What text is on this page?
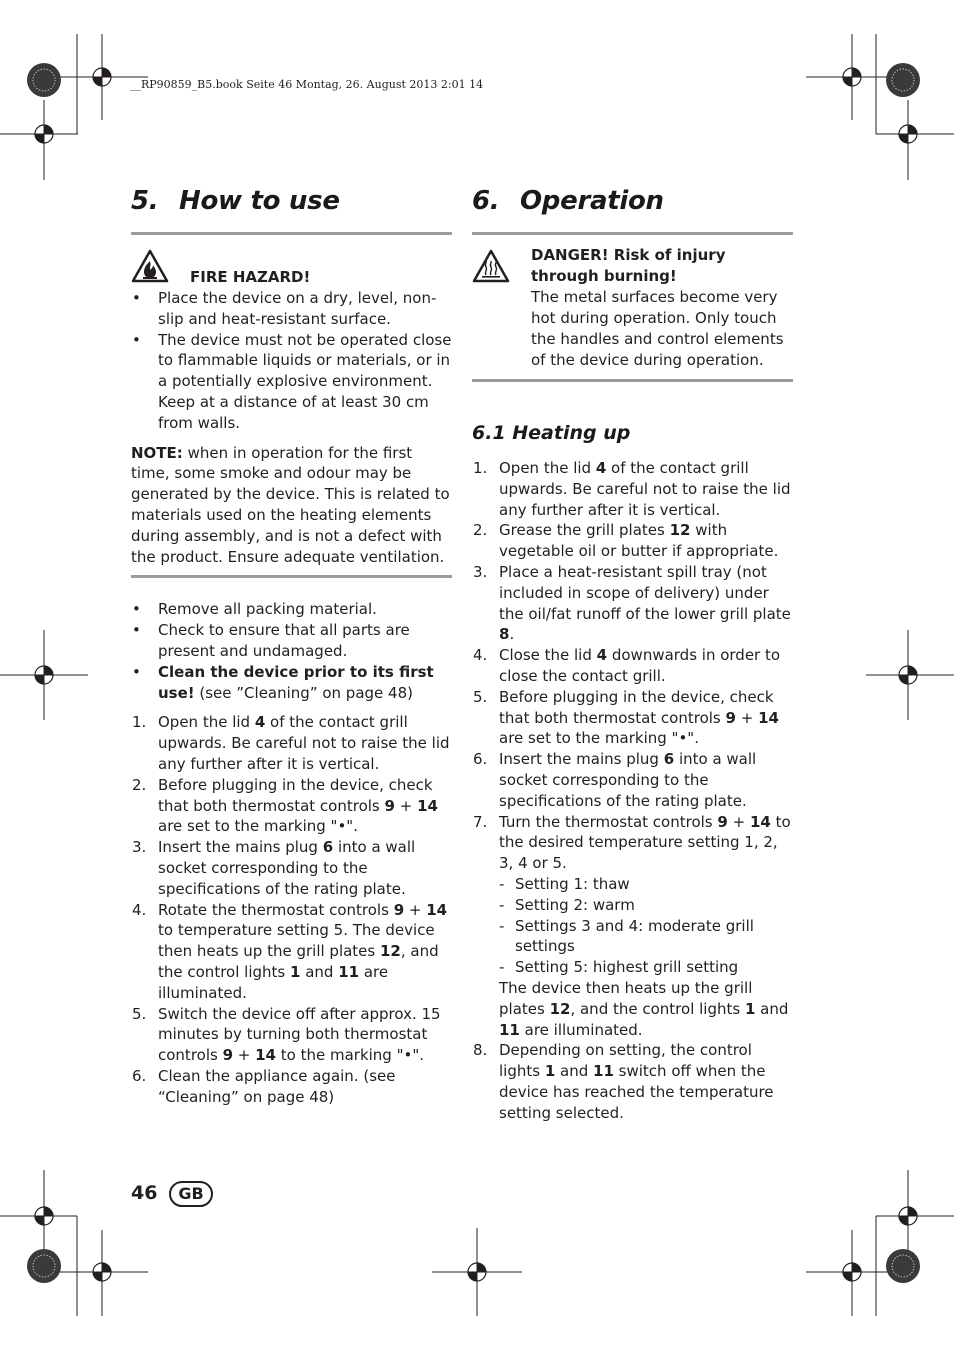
__RP90859_B5.book Seite 46 Montag, 26. August 2013 2:01 14
5. How to use
FIRE HAZARD!
• Place the device on a dry, level, non-slip and heat-resistant surface.
• The device must not be operated close to flammable liquids or materials, or in a potentially explosive environment. Keep at a distance of at least 30 cm from walls.
NOTE: when in operation for the first time, some smoke and odour may be generated by the device. This is related to materials used on the heating elements during assembly, and is not a defect with the product. Ensure adequate ventilation.
• Remove all packing material.
• Check to ensure that all parts are present and undamaged.
• Clean the device prior to its first use! (see ”Cleaning” on page 48)
1. Open the lid 4 of the contact grill upwards. Be careful not to raise the lid any further after it is vertical.
2. Before plugging in the device, check that both thermostat controls 9 + 14 are set to the marking "•".
3. Insert the mains plug 6 into a wall socket corresponding to the specifications of the rating plate.
4. Rotate the thermostat controls 9 + 14 to temperature setting 5. The device then heats up the grill plates 12, and the control lights 1 and 11 are illuminated.
5. Switch the device off after approx. 15 minutes by turning both thermostat controls 9 + 14 to the marking "•".
6. Clean the appliance again. (see “Cleaning” on page 48)
6. Operation
DANGER! Risk of injury through burning!
The metal surfaces become very hot during operation. Only touch the handles and control elements of the device during operation.
6.1 Heating up
1. Open the lid 4 of the contact grill upwards. Be careful not to raise the lid any further after it is vertical.
2. Grease the grill plates 12 with vegetable oil or butter if appropriate.
3. Place a heat-resistant spill tray (not included in scope of delivery) under the oil/fat runoff of the lower grill plate 8.
4. Close the lid 4 downwards in order to close the contact grill.
5. Before plugging in the device, check that both thermostat controls 9 + 14 are set to the marking "•".
6. Insert the mains plug 6 into a wall socket corresponding to the specifications of the rating plate.
7. Turn the thermostat controls 9 + 14 to the desired temperature setting 1, 2, 3, 4 or 5.
- Setting 1: thaw
- Setting 2: warm
- Settings 3 and 4: moderate grill settings
- Setting 5: highest grill setting
The device then heats up the grill plates 12, and the control lights 1 and 11 are illuminated.
8. Depending on setting, the control lights 1 and 11 switch off when the device has reached the temperature setting selected.
46	GB
